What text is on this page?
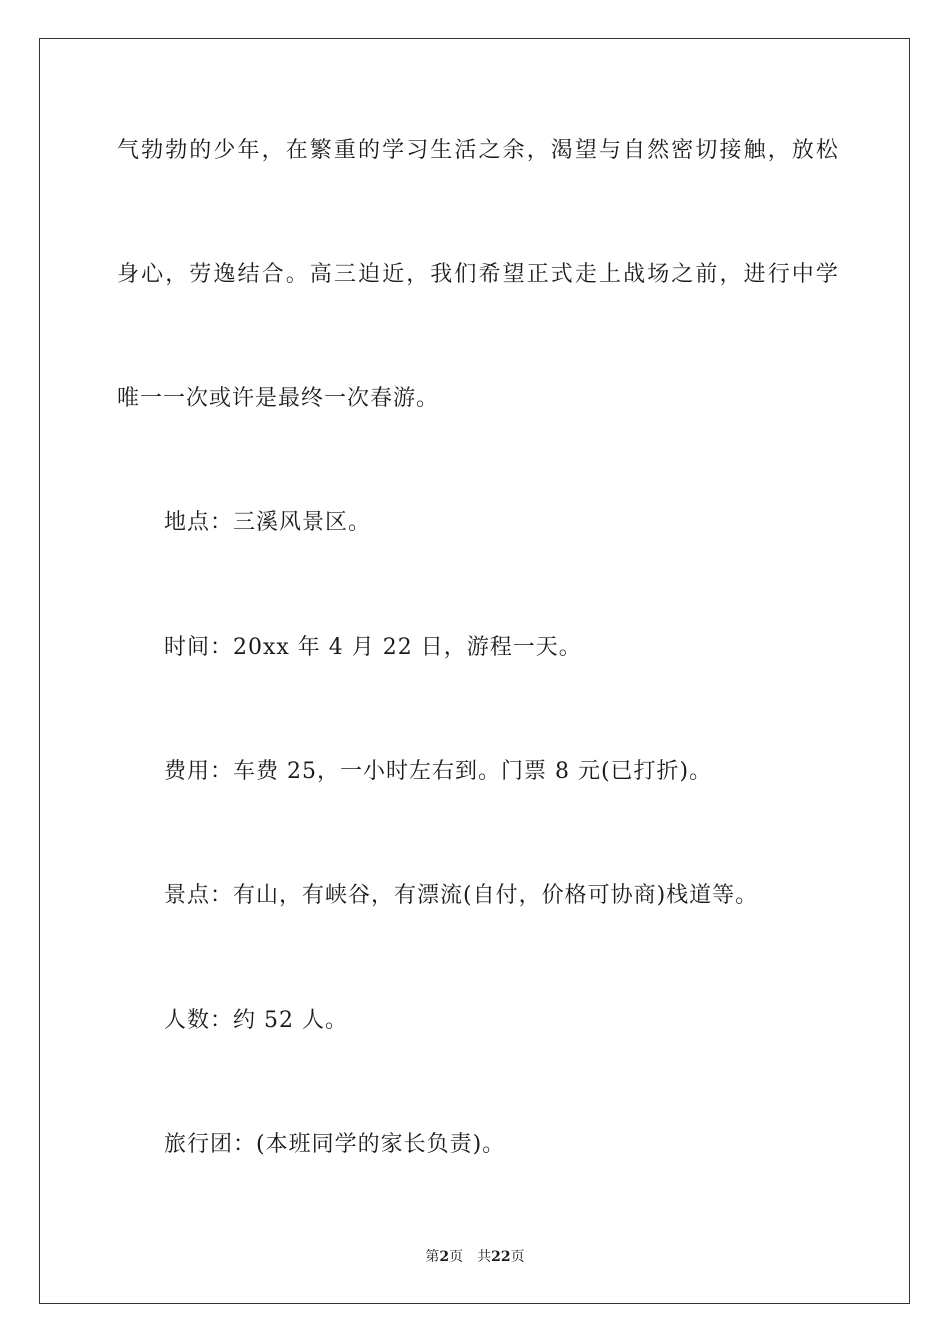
气勃勃的少年，在繁重的学习生活之余，渴望与自然密切接触，放松
身心，劳逸结合。高三迫近，我们希望正式走上战场之前，进行中学
唯一一次或许是最终一次春游。
地点：三溪风景区。
时间：20xx 年 4 月 22 日，游程一天。
费用：车费 25，一小时左右到。门票 8 元(已打折)。
景点：有山，有峡谷，有漂流(自付，价格可协商)栈道等。
人数：约 52 人。
旅行团：(本班同学的家长负责)。
第2页 共22页
